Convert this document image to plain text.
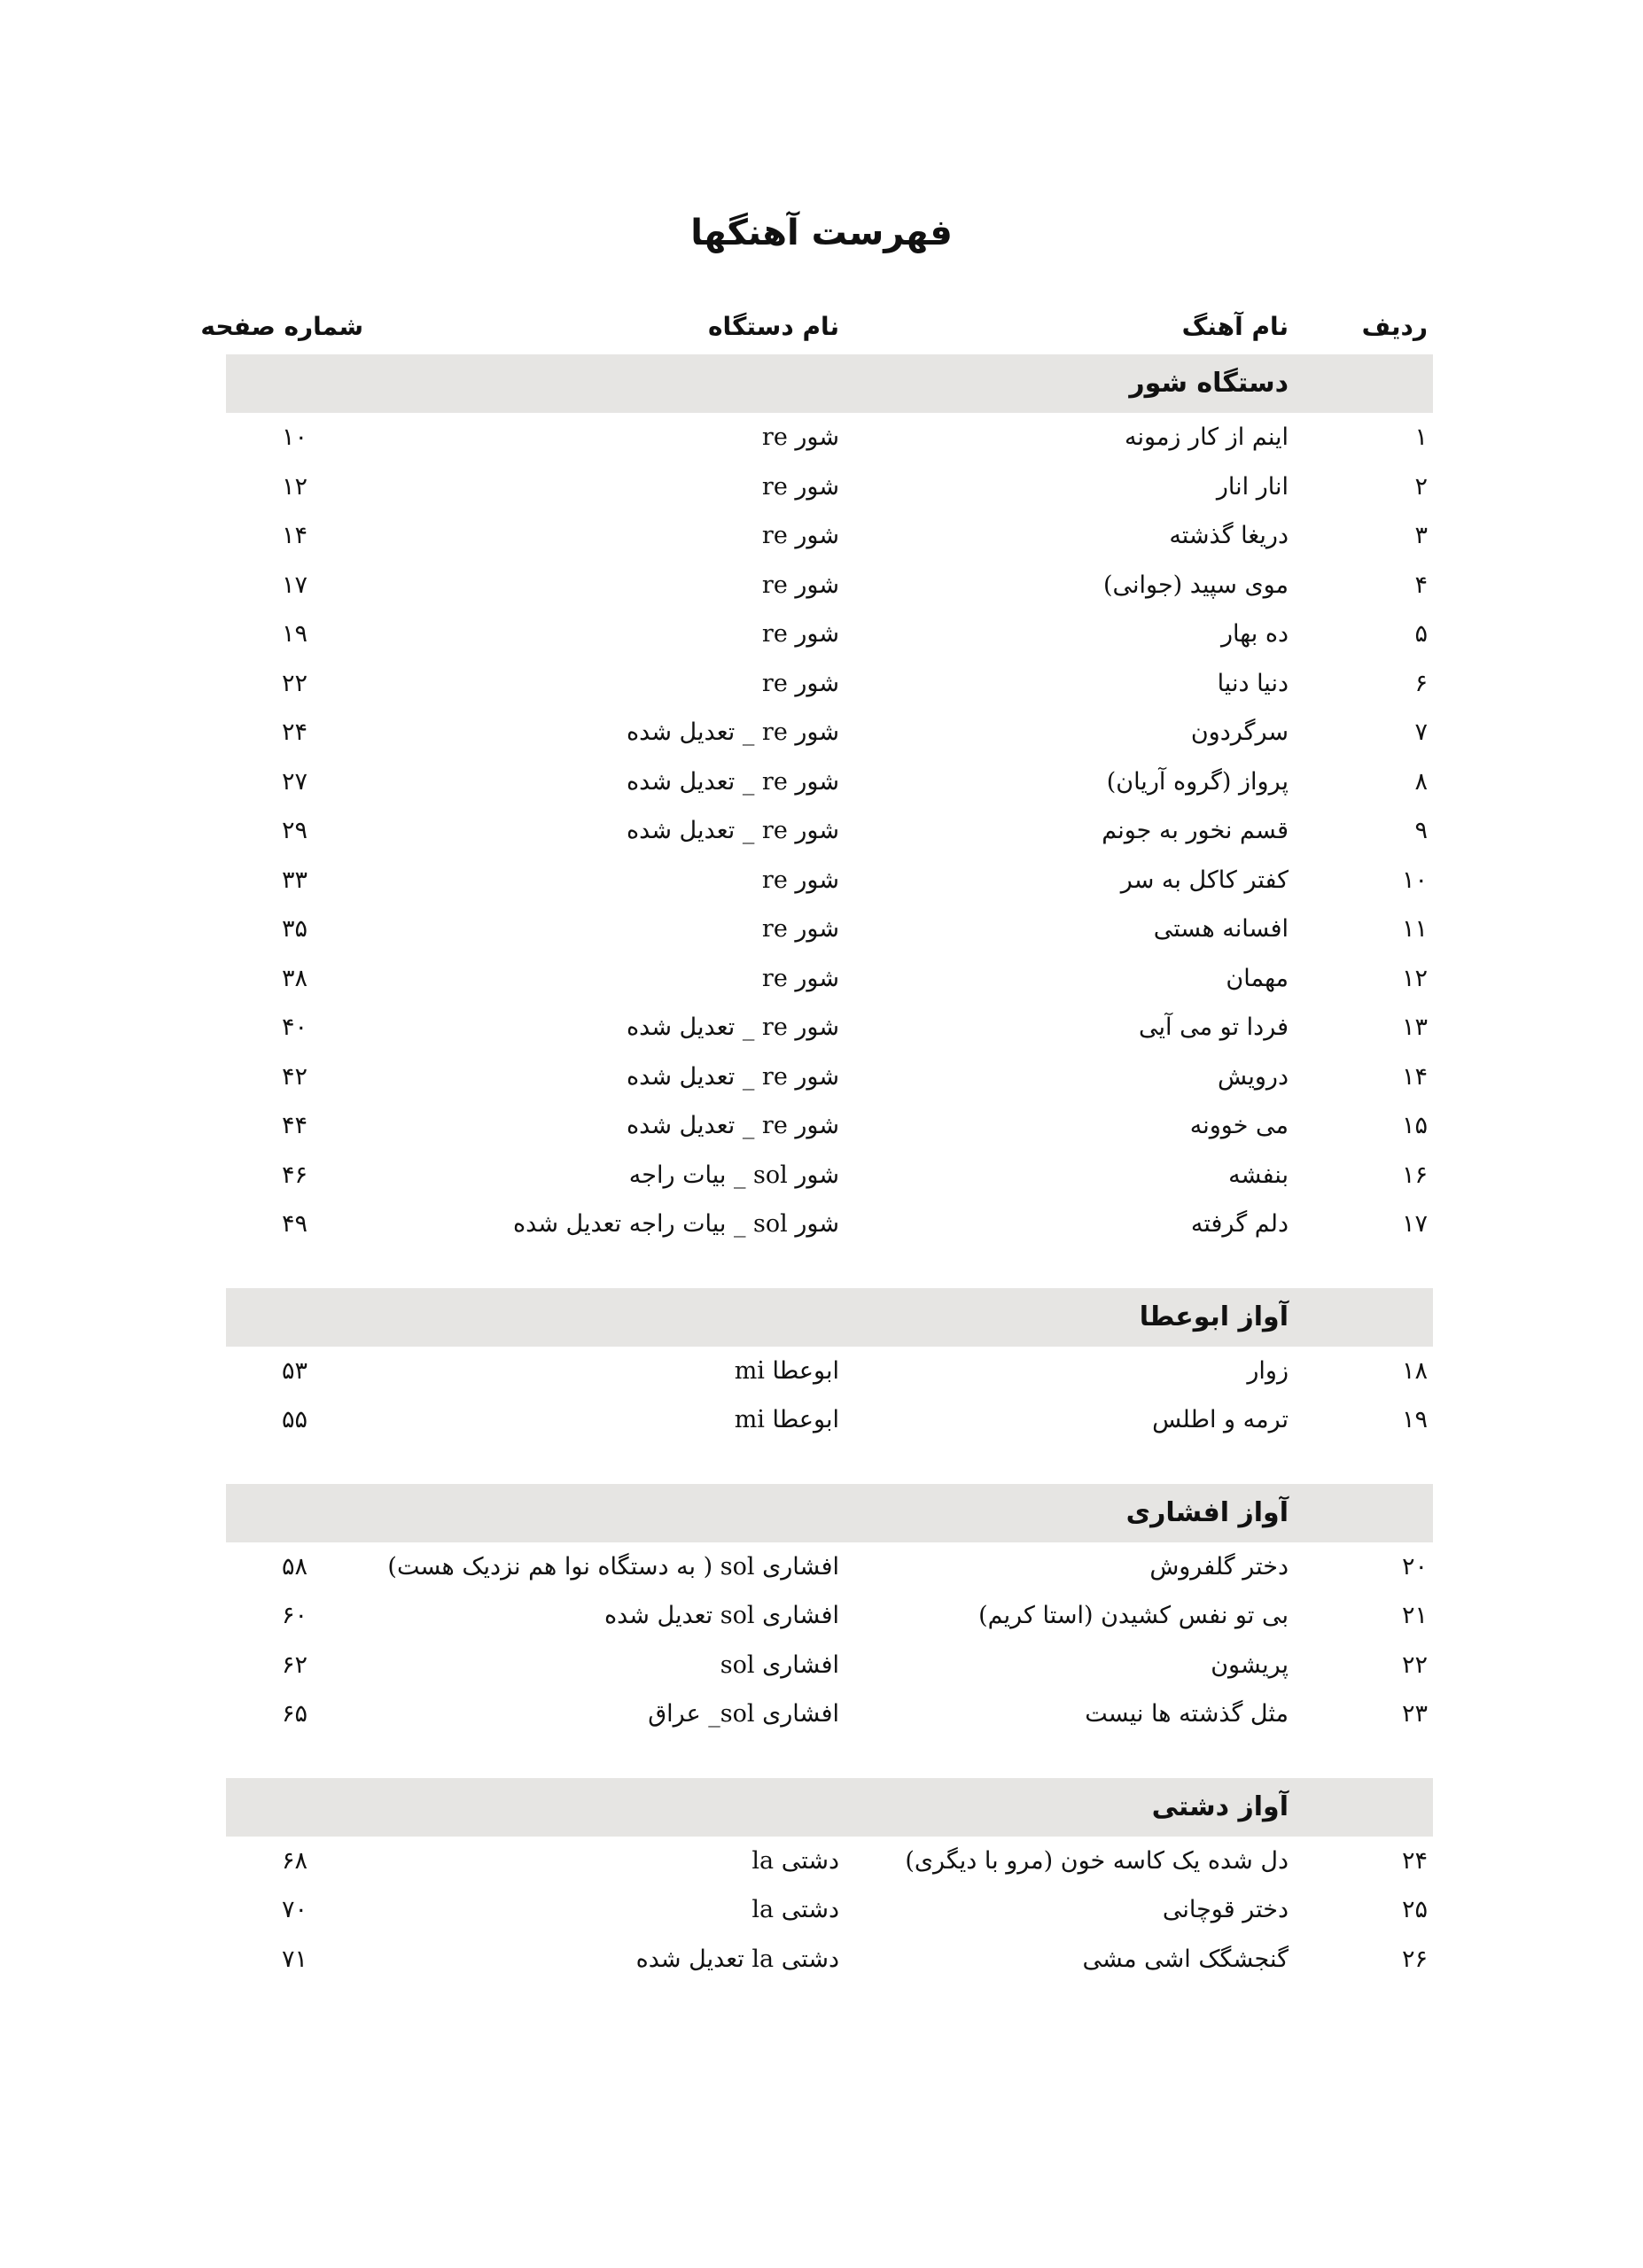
فهرست آهنگها
ردیف
نام آهنگ
نام دستگاه
شماره صفحه
دستگاه شور
۱
اینم از کار زمونه
شور re
۱۰
۲
انار انار
شور re
۱۲
۳
دریغا گذشته
شور re
۱۴
۴
موی سپید (جوانی)
شور re
۱۷
۵
ده بهار
شور re
۱۹
۶
دنیا دنیا
شور re
۲۲
۷
سرگردون
شور re _ تعدیل شده
۲۴
۸
پرواز (گروه آریان)
شور re _ تعدیل شده
۲۷
۹
قسم نخور به جونم
شور re _ تعدیل شده
۲۹
۱۰
کفتر کاکل به سر
شور re
۳۳
۱۱
افسانه هستی
شور re
۳۵
۱۲
مهمان
شور re
۳۸
۱۳
فردا تو می آیی
شور re _ تعدیل شده
۴۰
۱۴
درویش
شور re _ تعدیل شده
۴۲
۱۵
می خوونه
شور re _ تعدیل شده
۴۴
۱۶
بنفشه
شور sol _ بیات راجه
۴۶
۱۷
دلم گرفته
شور sol _ بیات راجه تعدیل شده
۴۹
آواز ابوعطا
۱۸
زوار
ابوعطا mi
۵۳
۱۹
ترمه و اطلس
ابوعطا mi
۵۵
آواز افشاری
۲۰
دختر گلفروش
افشاری sol ( به دستگاه نوا هم نزدیک هست)
۵۸
۲۱
بی تو نفس کشیدن (استا کریم)
افشاری sol تعدیل شده
۶۰
۲۲
پریشون
افشاری sol
۶۲
۲۳
مثل گذشته ها نیست
افشاری sol_ عراق
۶۵
آواز دشتی
۲۴
دل شده یک کاسه خون (مرو با دیگری)
دشتی la
۶۸
۲۵
دختر قوچانی
دشتی la
۷۰
۲۶
گنجشگک اشی مشی
دشتی la تعدیل شده
۷۱
